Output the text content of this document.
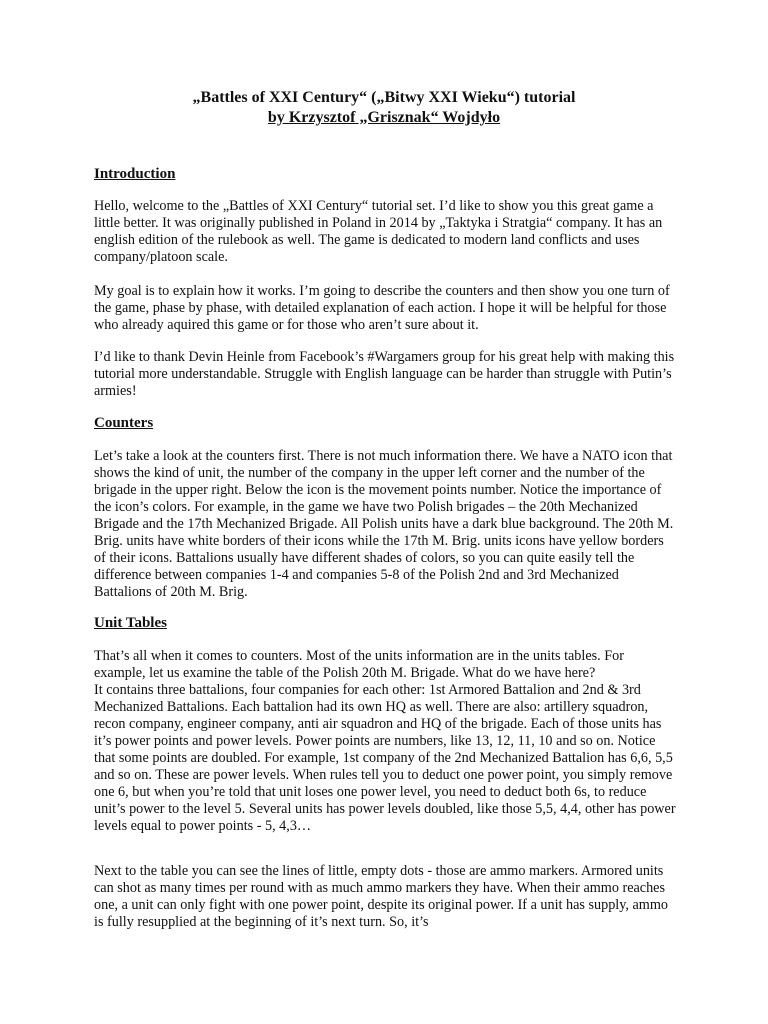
„Battles of XXI Century“ („Bitwy XXI Wieku“) tutorial
by Krzysztof „Grisznak“ Wojdyło
Introduction

Hello, welcome to the „Battles of XXI Century“ tutorial set. I’d like to show you this great game a little better. It was originally published in Poland in 2014 by „Taktyka i Stratgia“ company. It has an english edition of the rulebook as well. The game is dedicated to modern land conflicts and uses company/platoon scale.

My goal is to explain how it works. I’m going to describe the counters and then show you one turn of the game, phase by phase, with detailed explanation of each action. I hope it will be helpful for those who already aquired this game or for those who aren’t sure about it.

I’d like to thank Devin Heinle from Facebook’s #Wargamers group for his great help with making this tutorial more understandable. Struggle with English language can be harder than struggle with Putin’s armies!

Counters

Let’s take a look at the counters first. There is not much information there. We have a NATO icon that shows the kind of unit, the number of the company in the upper left corner and the number of the brigade in the upper right. Below the icon is the movement points number. Notice the importance of the icon’s colors. For example, in the game we have two Polish brigades – the 20th Mechanized Brigade and the 17th Mechanized Brigade. All Polish units have a dark blue background. The 20th M. Brig. units have white borders of their icons while the 17th M. Brig. units icons have yellow borders of their icons. Battalions usually have different shades of colors, so you can quite easily tell the difference between companies 1-4 and companies 5-8 of the Polish 2nd and 3rd Mechanized Battalions of 20th M. Brig.

Unit Tables

That’s all when it comes to counters. Most of the units information are in the units tables. For example, let us examine the table of the Polish 20th M. Brigade. What do we have here?

It contains three battalions, four companies for each other: 1st Armored Battalion and 2nd & 3rd Mechanized Battalions. Each battalion had its own HQ as well. There are also: artillery squadron, recon company, engineer company, anti air squadron and HQ of the brigade. Each of those units has it’s power points and power levels. Power points are numbers, like 13, 12, 11, 10 and so on. Notice that some points are doubled. For example, 1st company of the 2nd Mechanized Battalion has 6,6, 5,5 and so on. These are power levels. When rules tell you to deduct one power point, you simply remove one 6, but when you’re told that unit loses one power level, you need to deduct both 6s, to reduce unit’s power to the level 5. Several units has power levels doubled, like those 5,5, 4,4, other has power levels equal to power points - 5, 4,3…

Next to the table you can see the lines of little, empty dots - those are ammo markers. Armored units can shot as many times per round with as much ammo markers they have. When their ammo reaches one, a unit can only fight with one power point, despite its original power. If a unit has supply, ammo is fully resupplied at the beginning of it’s next turn. So, it’s
